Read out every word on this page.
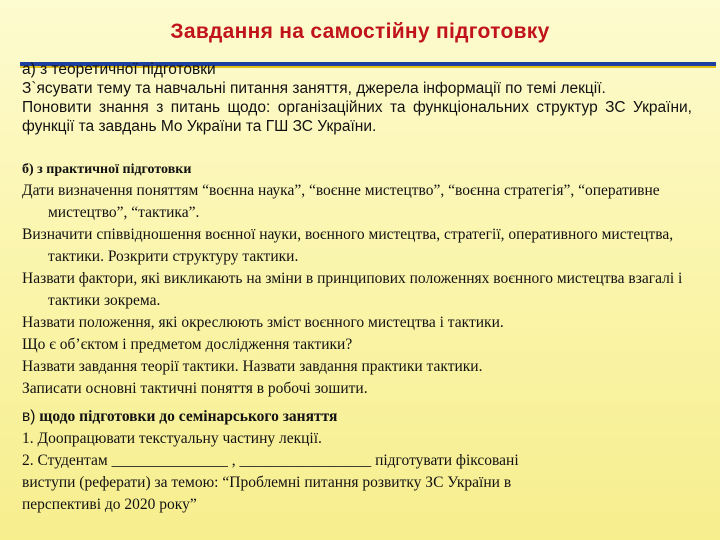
Завдання на самостійну підготовку
а) з теоретичної підготовки

З`ясувати тему та навчальні питання заняття, джерела інформації по темі лекції.

Поновити знання з питань щодо: організаційних та функціональних структур ЗС України, функції та завдань Мо України та ГШ ЗС України.

б) з практичної підготовки

Дати визначення поняттям “воєнна наука”, “воєнне мистецтво”, “воєнна стратегія”, “оперативне мистецтво”, “тактика”.

Визначити співвідношення воєнної науки, воєнного мистецтва, стратегії, оперативного мистецтва, тактики. Розкрити структуру тактики.

Назвати фактори, які викликають на зміни в принципових положеннях воєнного мистецтва взагалі і тактики зокрема.

Назвати положення, які окреслюють зміст воєнного мистецтва і тактики.

Що є об’єктом і предметом дослідження тактики?

Назвати завдання теорії тактики. Назвати завдання практики тактики.

Записати основні тактичні поняття в робочі зошити.

в) щодо підготовки до семінарського заняття

1. Доопрацювати текстуальну частину лекції.

2. Студентам _______________ , _________________ підготувати фіксовані

виступи (реферати) за темою: “Проблемні питання розвитку ЗС України в

перспективі до 2020 року”
